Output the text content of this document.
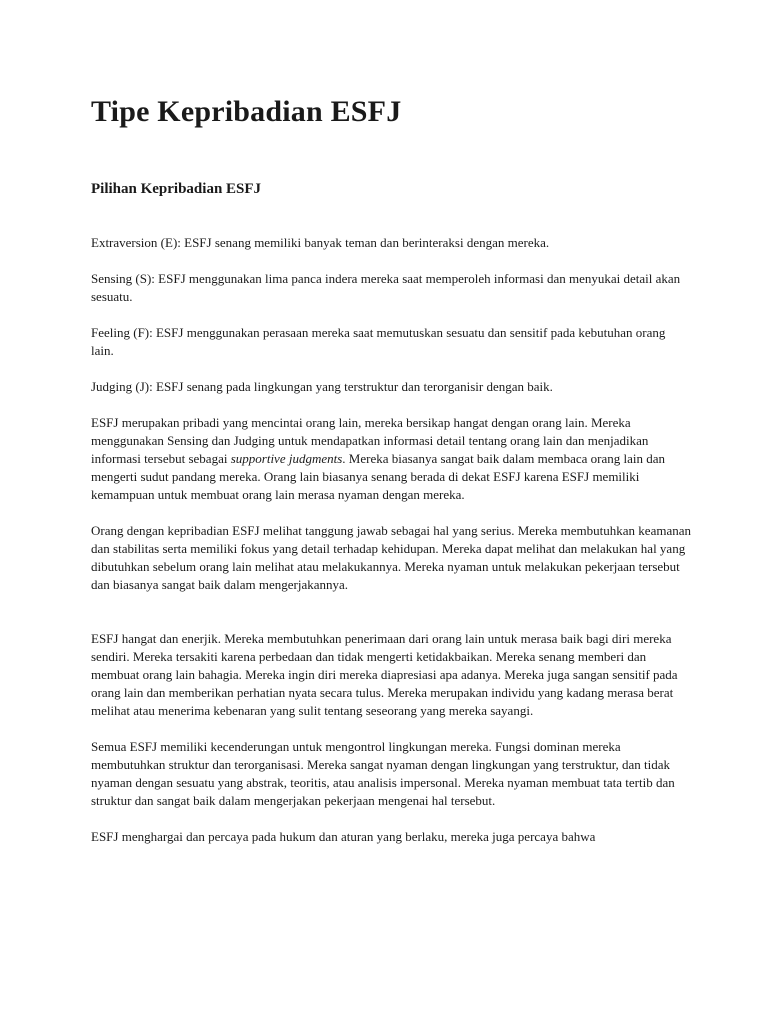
Tipe Kepribadian ESFJ
Pilihan Kepribadian ESFJ

Extraversion (E): ESFJ senang memiliki banyak teman dan berinteraksi dengan mereka.

Sensing (S): ESFJ menggunakan lima panca indera mereka saat memperoleh informasi dan menyukai detail akan sesuatu.

Feeling (F): ESFJ menggunakan perasaan mereka saat memutuskan sesuatu dan sensitif pada kebutuhan orang lain.

Judging (J): ESFJ senang pada lingkungan yang terstruktur dan terorganisir dengan baik.

ESFJ merupakan pribadi yang mencintai orang lain, mereka bersikap hangat dengan orang lain. Mereka menggunakan Sensing dan Judging untuk mendapatkan informasi detail tentang orang lain dan menjadikan informasi tersebut sebagai supportive judgments. Mereka biasanya sangat baik dalam membaca orang lain dan mengerti sudut pandang mereka. Orang lain biasanya senang berada di dekat ESFJ karena ESFJ memiliki kemampuan untuk membuat orang lain merasa nyaman dengan mereka.

Orang dengan kepribadian ESFJ melihat tanggung jawab sebagai hal yang serius. Mereka membutuhkan keamanan dan stabilitas serta memiliki fokus yang detail terhadap kehidupan. Mereka dapat melihat dan melakukan hal yang dibutuhkan sebelum orang lain melihat atau melakukannya. Mereka nyaman untuk melakukan pekerjaan tersebut dan biasanya sangat baik dalam mengerjakannya.

ESFJ hangat dan enerjik. Mereka membutuhkan penerimaan dari orang lain untuk merasa baik bagi diri mereka sendiri. Mereka tersakiti karena perbedaan dan tidak mengerti ketidakbaikan. Mereka senang memberi dan membuat orang lain bahagia. Mereka ingin diri mereka diapresiasi apa adanya. Mereka juga sangan sensitif pada orang lain dan memberikan perhatian nyata secara tulus. Mereka merupakan individu yang kadang merasa berat melihat atau menerima kebenaran yang sulit tentang seseorang yang mereka sayangi.

Semua ESFJ memiliki kecenderungan untuk mengontrol lingkungan mereka. Fungsi dominan mereka membutuhkan struktur dan terorganisasi. Mereka sangat nyaman dengan lingkungan yang terstruktur, dan tidak nyaman dengan sesuatu yang abstrak, teoritis, atau analisis impersonal. Mereka nyaman membuat tata tertib dan struktur dan sangat baik dalam mengerjakan pekerjaan mengenai hal tersebut.

ESFJ menghargai dan percaya pada hukum dan aturan yang berlaku, mereka juga percaya bahwa
